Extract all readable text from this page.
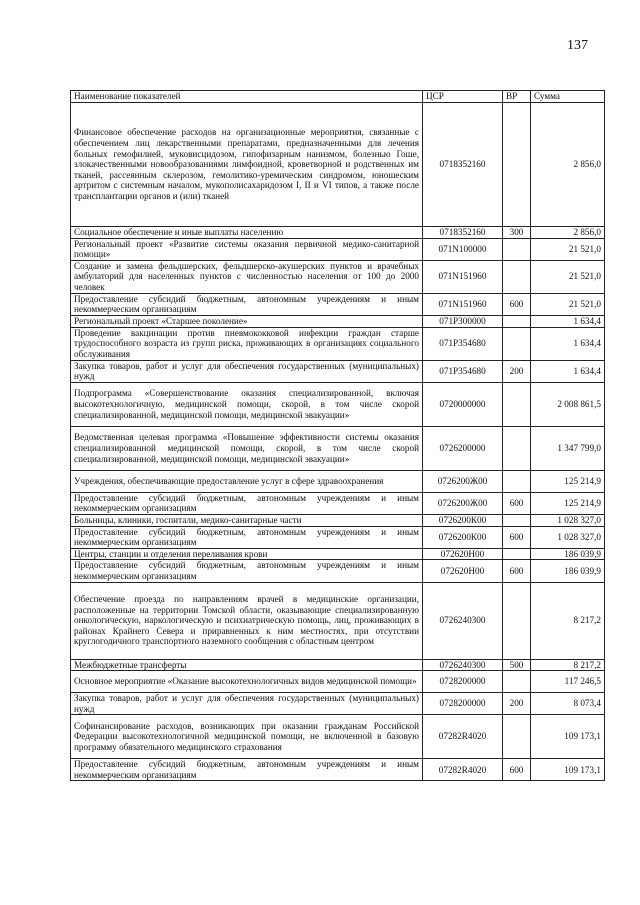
137
Наименование показателей	ЦСР	ВР	Сумма
Финансовое обеспечение расходов на организационные мероприятия, связанные с обеспечением лиц лекарственными препаратами, предназначенными для лечения больных гемофилией, муковисцидозом, гипофизарным нанизмом, болезнью Гоше, злокачественными новообразованиями лимфоидной, кроветворной и родственных им тканей, рассеянным склерозом, гемолитико-уремическим синдромом, юношеским артритом с системным началом, мукополисахаридозом I, II и VI типов, а также после трансплантации органов и (или) тканей	0718352160		2 856,0
Социальное обеспечение и иные выплаты населению	0718352160	300	2 856,0
Региональный проект «Развитие системы оказания первичной медико-санитарной помощи»	071N100000		21 521,0
Создание и замена фельдшерских, фельдшерско-акушерских пунктов и врачебных амбулаторий для населенных пунктов с численностью населения от 100 до 2000 человек	071N151960		21 521,0
Предоставление субсидий бюджетным, автономным учреждениям и иным некоммерческим организациям	071N151960	600	21 521,0
Региональный проект «Старшее поколение»	071P300000		1 634,4
Проведение вакцинации против пневмококковой инфекции граждан старше трудоспособного возраста из групп риска, проживающих в организациях социального обслуживания	071P354680		1 634,4
Закупка товаров, работ и услуг для обеспечения государственных (муниципальных) нужд	071P354680	200	1 634,4
Подпрограмма «Совершенствование оказания специализированной, включая высокотехнологичную, медицинской помощи, скорой, в том числе скорой специализированной, медицинской помощи, медицинской эвакуации»	0720000000		2 008 861,5
Ведомственная целевая программа «Повышение эффективности системы оказания специализированной медицинской помощи, скорой, в том числе скорой специализированной, медицинской помощи, медицинской эвакуации»	0726200000		1 347 799,0
Учреждения, обеспечивающие предоставление услуг в сфере здравоохранения	0726200Ж00		125 214,9
Предоставление субсидий бюджетным, автономным учреждениям и иным некоммерческим организациям	0726200Ж00	600	125 214,9
Больницы, клиники, госпитали, медико-санитарные части	0726200К00		1 028 327,0
Предоставление субсидий бюджетным, автономным учреждениям и иным некоммерческим организациям	0726200К00	600	1 028 327,0
Центры, станции и отделения переливания крови	072620Н00		186 039,9
Предоставление субсидий бюджетным, автономным учреждениям и иным некоммерческим организациям	072620Н00	600	186 039,9
Обеспечение проезда по направлениям врачей в медицинские организации, расположенные на территории Томской области, оказывающие специализированную онкологическую, наркологическую и психиатрическую помощь, лиц, проживающих в районах Крайнего Севера и приравненных к ним местностях, при отсутствии круглогодичного транспортного наземного сообщения с областным центром	0726240300		8 217,2
Межбюджетные трансферты	0726240300	500	8 217,2
Основное мероприятие «Оказание высокотехнологичных видов медицинской помощи»	0728200000		117 246,5
Закупка товаров, работ и услуг для обеспечения государственных (муниципальных) нужд	0728200000	200	8 073,4
Софинансирование расходов, возникающих при оказании гражданам Российской Федерации высокотехнологичной медицинской помощи, не включенной в базовую программу обязательного медицинского страхования	07282R4020		109 173,1
Предоставление субсидий бюджетным, автономным учреждениям и иным некоммерческим организациям	07282R4020	600	109 173,1
